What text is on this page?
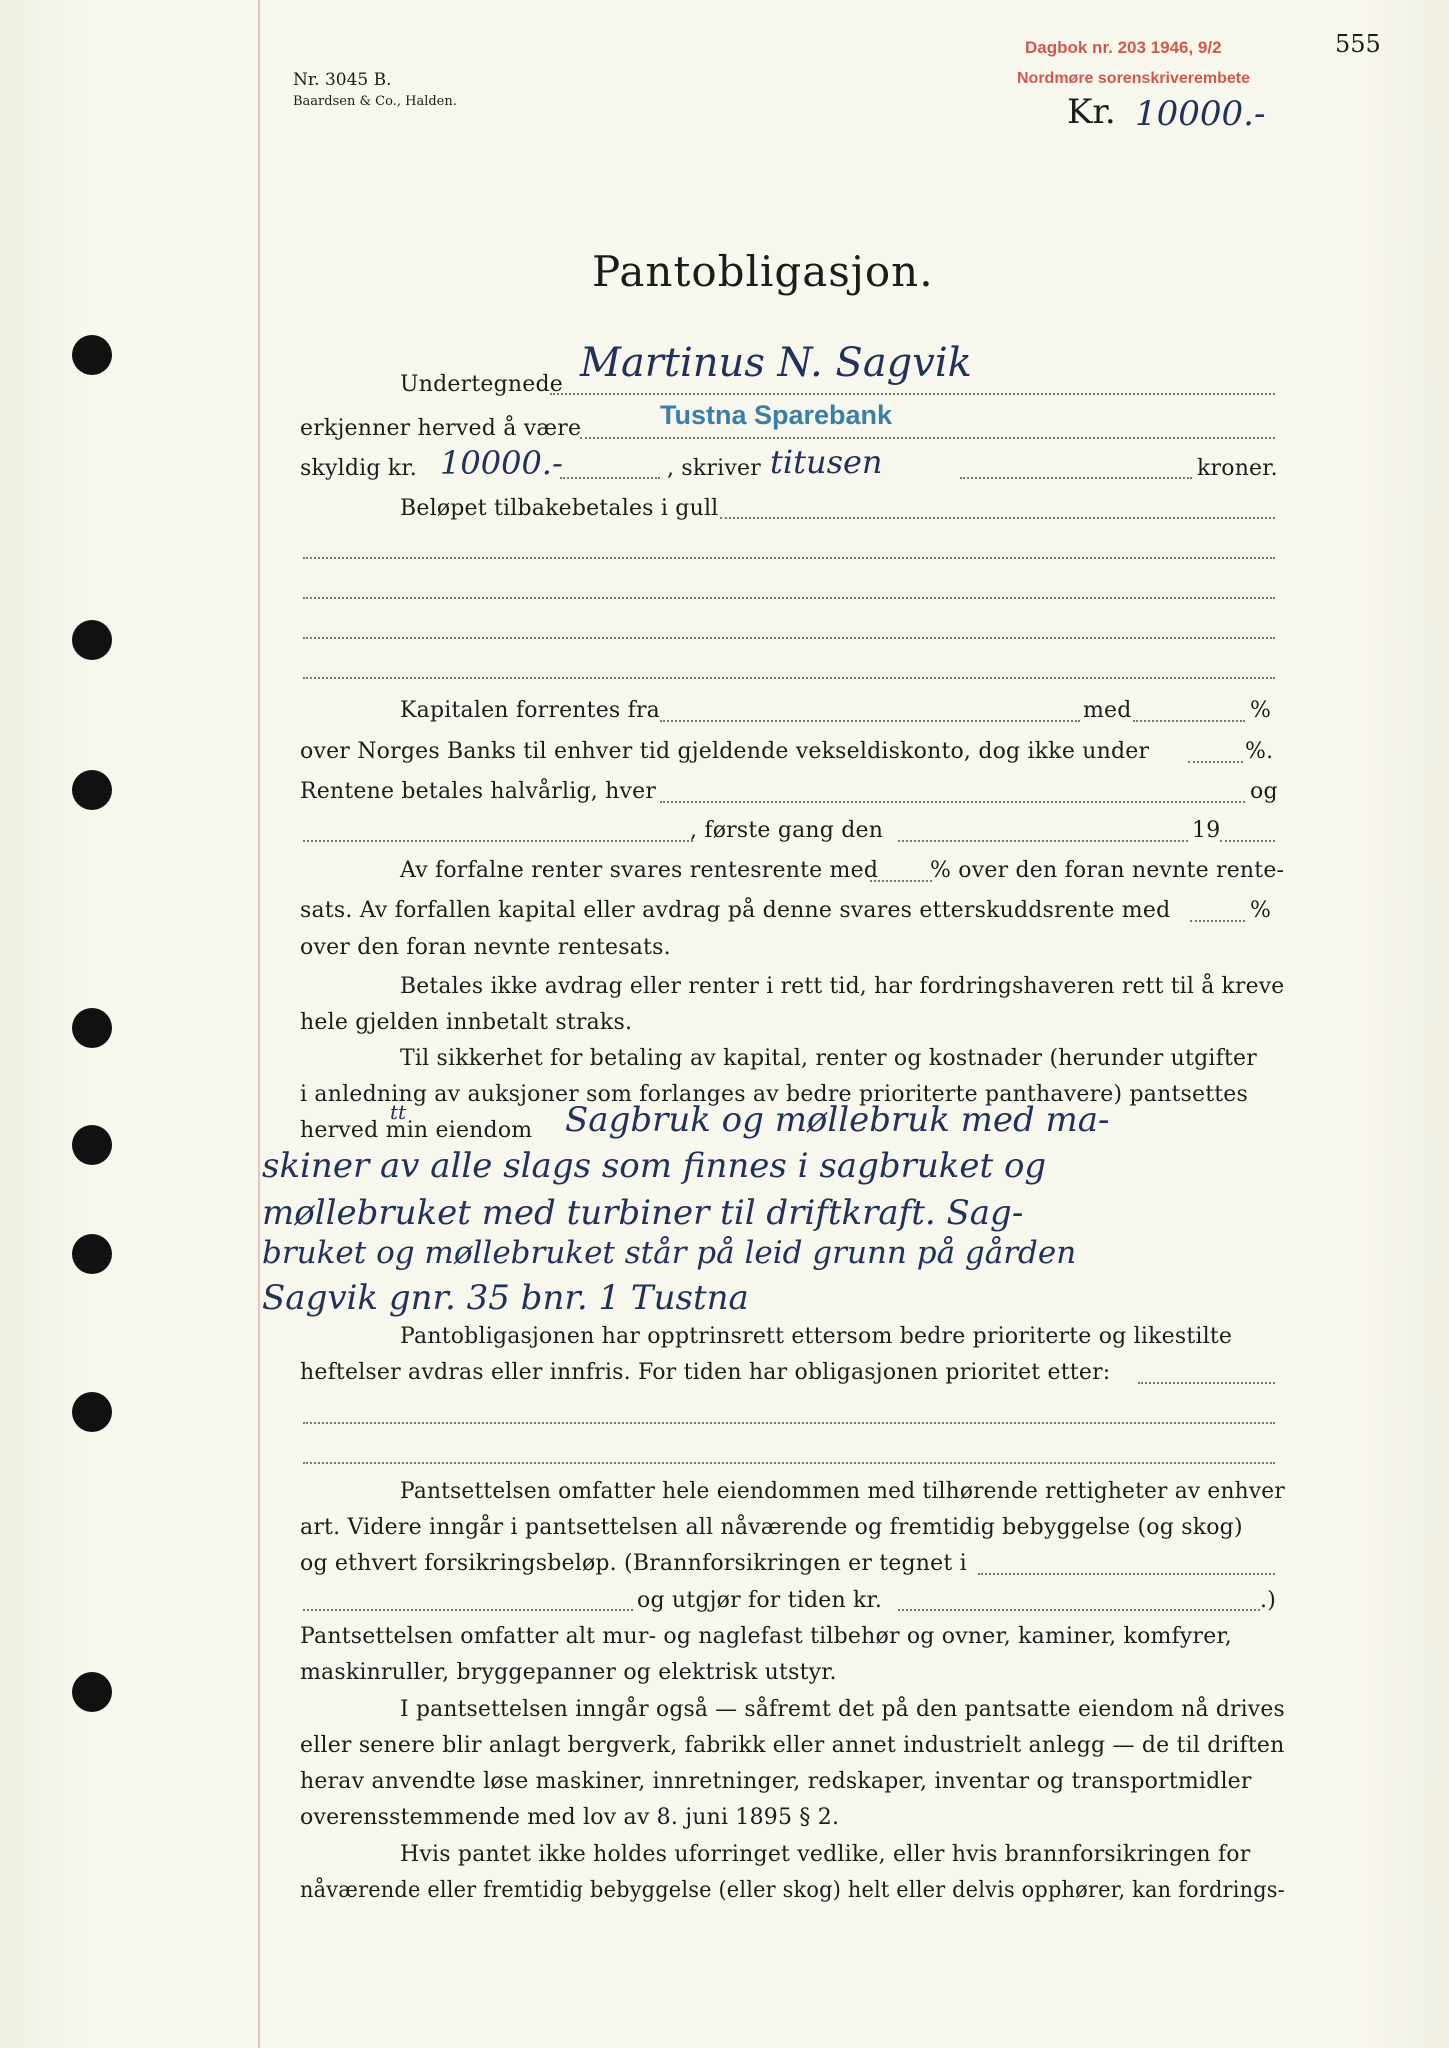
Nr. 3045 B.
Baardsen & Co., Halden.
Dagbok nr. 203 1946, 9/2
Nordmøre sorenskriverembete
555
Kr. 10000.-
Pantobligasjon.
Undertegnede Martinus N. Sagvik
erkjenner herved å være	Tustna Sparebank
skyldig kr. 10000.-	, skriver titusen	kroner.
Beløpet tilbakebetales i gull
Kapitalen forrentes fra	med	%
over Norges Banks til enhver tid gjeldende vekseldiskonto, dog ikke under	%.
Rentene betales halvårlig, hver	og
, første gang den	19
Av forfalne renter svares rentesrente med % over den foran nevnte rente-
sats. Av forfallen kapital eller avdrag på denne svares etterskuddsrente med	%
over den foran nevnte rentesats.
Betales ikke avdrag eller renter i rett tid, har fordringshaveren rett til å kreve
hele gjelden innbetalt straks.
Til sikkerhet for betaling av kapital, renter og kostnader (herunder utgifter
i anledning av auksjoner som forlanges av bedre prioriterte panthavere) pantsettes
herved min eiendom
tt	Sagbruk og møllebruk med ma-
skiner av alle slags som finnes i sagbruket og
møllebruket med turbiner til driftkraft. Sag-
bruket og møllebruket står på leid grunn på gården
Sagvik gnr. 35 bnr. 1 Tustna
Pantobligasjonen har opptrinsrett ettersom bedre prioriterte og likestilte
heftelser avdras eller innfris. For tiden har obligasjonen prioritet etter:
Pantsettelsen omfatter hele eiendommen med tilhørende rettigheter av enhver
art. Videre inngår i pantsettelsen all nåværende og fremtidig bebyggelse (og skog)
og ethvert forsikringsbeløp. (Brannforsikringen er tegnet i
og utgjør for tiden kr.	.)
Pantsettelsen omfatter alt mur- og naglefast tilbehør og ovner, kaminer, komfyrer,
maskinruller, bryggepanner og elektrisk utstyr.
I pantsettelsen inngår også — såfremt det på den pantsatte eiendom nå drives
eller senere blir anlagt bergverk, fabrikk eller annet industrielt anlegg — de til driften
herav anvendte løse maskiner, innretninger, redskaper, inventar og transportmidler
overensstemmende med lov av 8. juni 1895 § 2.
Hvis pantet ikke holdes uforringet vedlike, eller hvis brannforsikringen for
nåværende eller fremtidig bebyggelse (eller skog) helt eller delvis opphører, kan fordrings-
